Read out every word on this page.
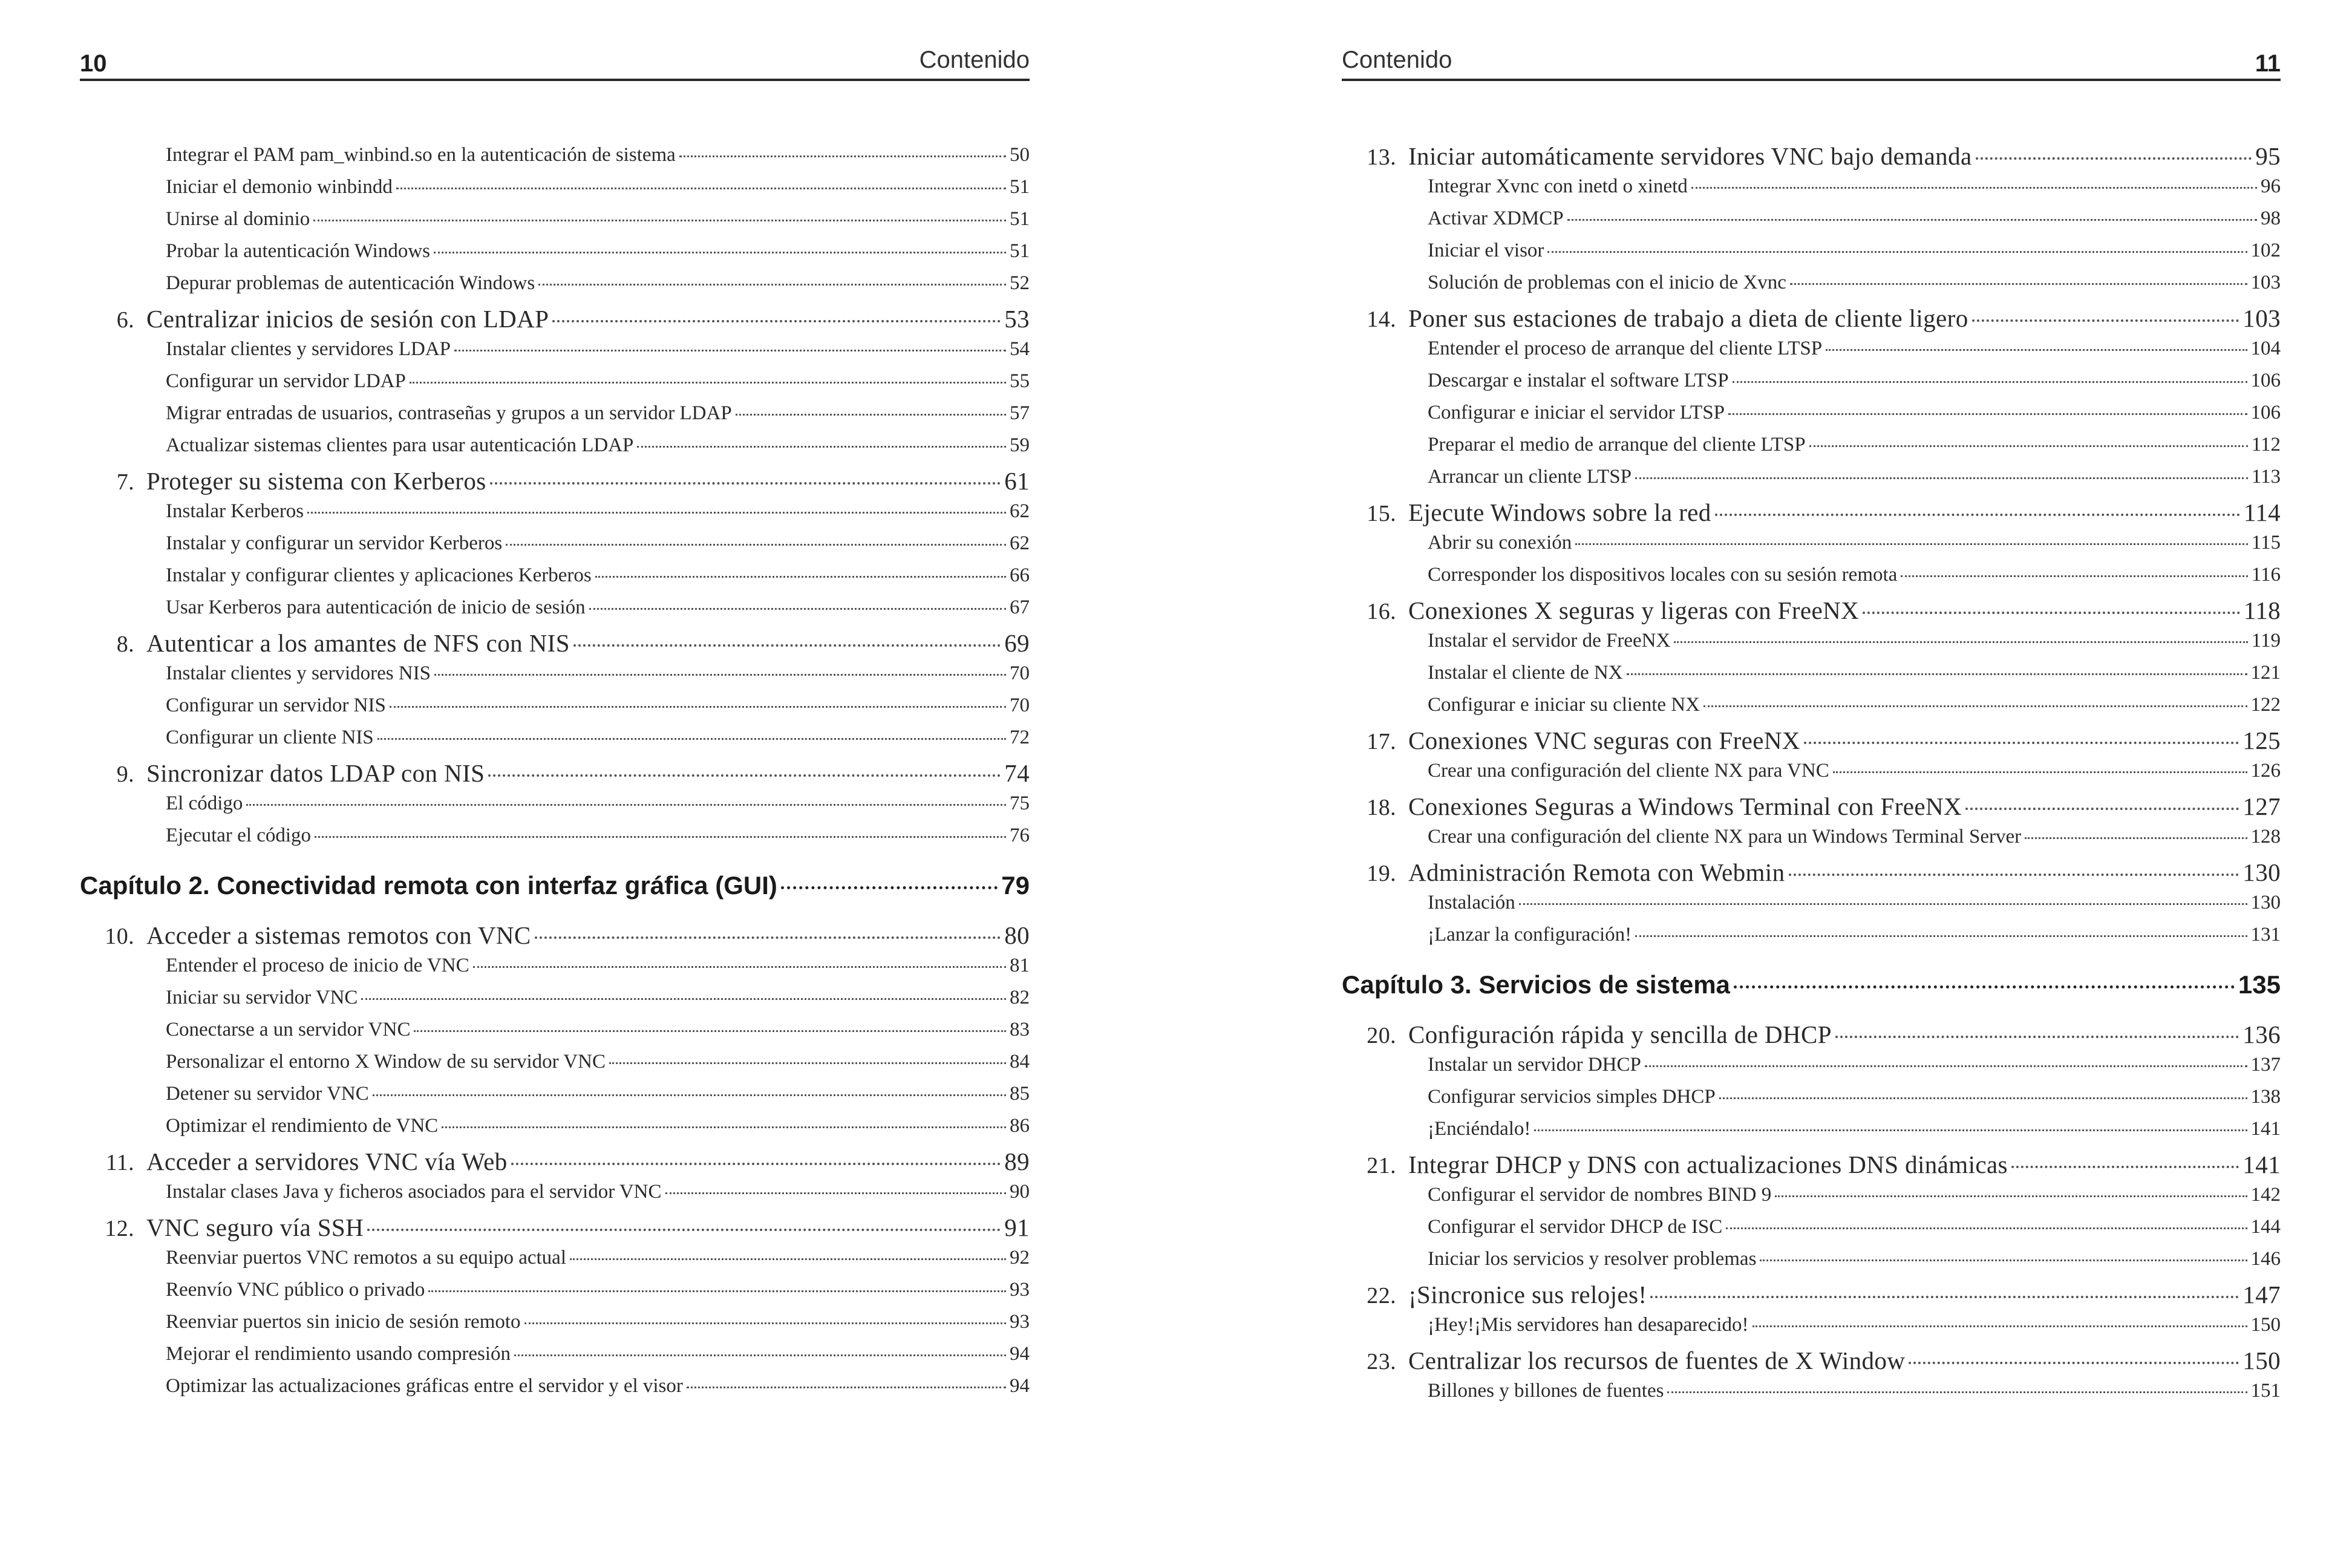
10	Contenido
Integrar el PAM pam_winbind.so en la autenticación de sistema	50
Iniciar el demonio winbindd	51
Unirse al dominio	51
Probar la autenticación Windows	51
Depurar problemas de autenticación Windows	52
6. Centralizar inicios de sesión con LDAP	53
Instalar clientes y servidores LDAP	54
Configurar un servidor LDAP	55
Migrar entradas de usuarios, contraseñas y grupos a un servidor LDAP	57
Actualizar sistemas clientes para usar autenticación LDAP	59
7. Proteger su sistema con Kerberos	61
Instalar Kerberos	62
Instalar y configurar un servidor Kerberos	62
Instalar y configurar clientes y aplicaciones Kerberos	66
Usar Kerberos para autenticación de inicio de sesión	67
8. Autenticar a los amantes de NFS con NIS	69
Instalar clientes y servidores NIS	70
Configurar un servidor NIS	70
Configurar un cliente NIS	72
9. Sincronizar datos LDAP con NIS	74
El código	75
Ejecutar el código	76
Capítulo 2. Conectividad remota con interfaz gráfica (GUI)	79
10. Acceder a sistemas remotos con VNC	80
Entender el proceso de inicio de VNC	81
Iniciar su servidor VNC	82
Conectarse a un servidor VNC	83
Personalizar el entorno X Window de su servidor VNC	84
Detener su servidor VNC	85
Optimizar el rendimiento de VNC	86
11. Acceder a servidores VNC vía Web	89
Instalar clases Java y ficheros asociados para el servidor VNC	90
12. VNC seguro vía SSH	91
Reenviar puertos VNC remotos a su equipo actual	92
Reenvío VNC público o privado	93
Reenviar puertos sin inicio de sesión remoto	93
Mejorar el rendimiento usando compresión	94
Optimizar las actualizaciones gráficas entre el servidor y el visor	94
Contenido	11
13. Iniciar automáticamente servidores VNC bajo demanda	95
Integrar Xvnc con inetd o xinetd	96
Activar XDMCP	98
Iniciar el visor	102
Solución de problemas con el inicio de Xvnc	103
14. Poner sus estaciones de trabajo a dieta de cliente ligero	103
Entender el proceso de arranque del cliente LTSP	104
Descargar e instalar el software LTSP	106
Configurar e iniciar el servidor LTSP	106
Preparar el medio de arranque del cliente LTSP	112
Arrancar un cliente LTSP	113
15. Ejecute Windows sobre la red	114
Abrir su conexión	115
Corresponder los dispositivos locales con su sesión remota	116
16. Conexiones X seguras y ligeras con FreeNX	118
Instalar el servidor de FreeNX	119
Instalar el cliente de NX	121
Configurar e iniciar su cliente NX	122
17. Conexiones VNC seguras con FreeNX	125
Crear una configuración del cliente NX para VNC	126
18. Conexiones Seguras a Windows Terminal con FreeNX	127
Crear una configuración del cliente NX para un Windows Terminal Server	128
19. Administración Remota con Webmin	130
Instalación	130
¡Lanzar la configuración!	131
Capítulo 3. Servicios de sistema	135
20. Configuración rápida y sencilla de DHCP	136
Instalar un servidor DHCP	137
Configurar servicios simples DHCP	138
¡Enciéndalo!	141
21. Integrar DHCP y DNS con actualizaciones DNS dinámicas	141
Configurar el servidor de nombres BIND 9	142
Configurar el servidor DHCP de ISC	144
Iniciar los servicios y resolver problemas	146
22. ¡Sincronice sus relojes!	147
¡Hey!¡Mis servidores han desaparecido!	150
23. Centralizar los recursos de fuentes de X Window	150
Billones y billones de fuentes	151
